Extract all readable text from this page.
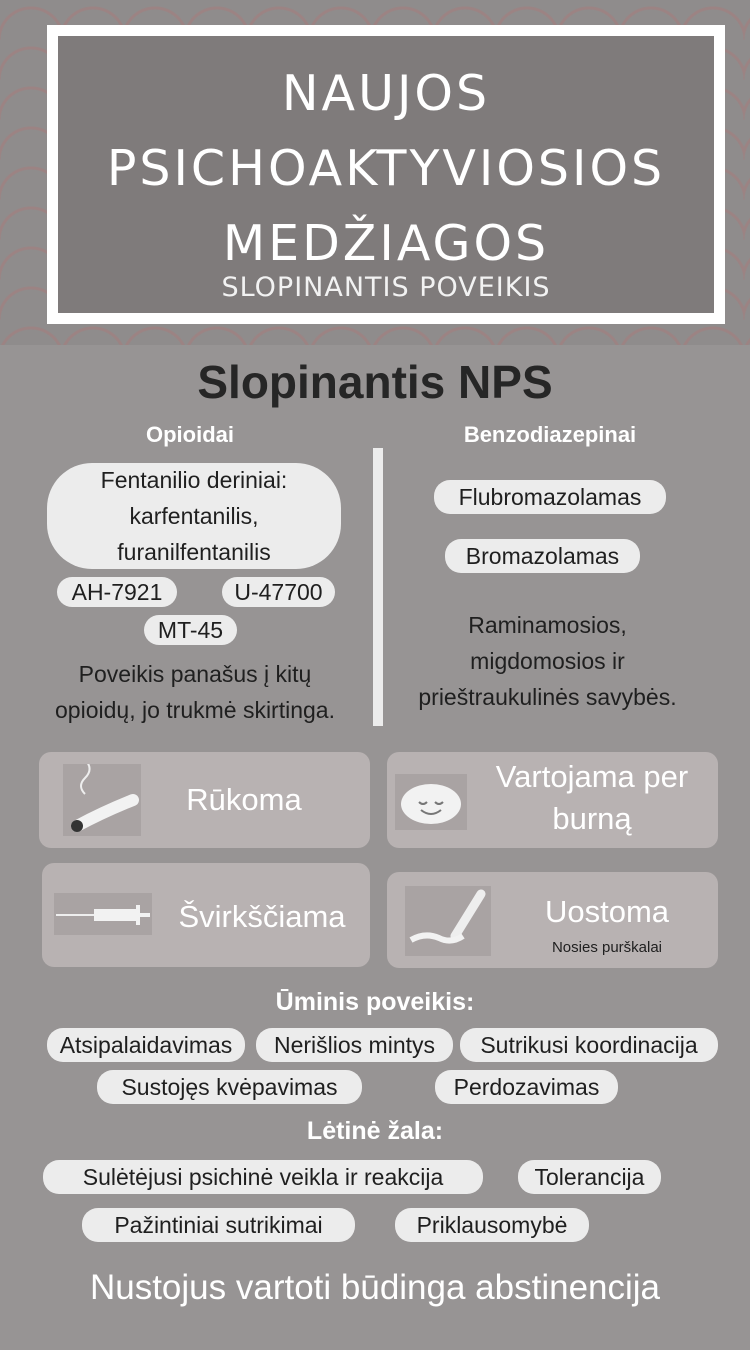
NAUJOS
PSICHOAKTYVIOSIOS
MEDŽIAGOS
SLOPINANTIS POVEIKIS
Slopinantis NPS
Opioidai
Fentanilio deriniai:
karfentanilis,
furanilfentanilis
AH-7921	U-47700
MT-45
Poveikis panašus į kitų
opioidų, jo trukmė skirtinga.
Benzodiazepinai
Flubromazolamas
Bromazolamas
Raminamosios,
migdomosios ir
prieštraukulinės savybės.
Rūkoma
Vartojama per
burną
Švirkščiama	Uostoma
Nosies purškalai
Ūminis poveikis:
Atsipalaidavimas	Nerišlios mintys	Sutrikusi koordinacija
Sustojęs kvėpavimas	Perdozavimas
Lėtinė žala:
Sulėtėjusi psichinė veikla ir reakcija	Tolerancija
Pažintiniai sutrikimai	Priklausomybė
Nustojus vartoti būdinga abstinencija
